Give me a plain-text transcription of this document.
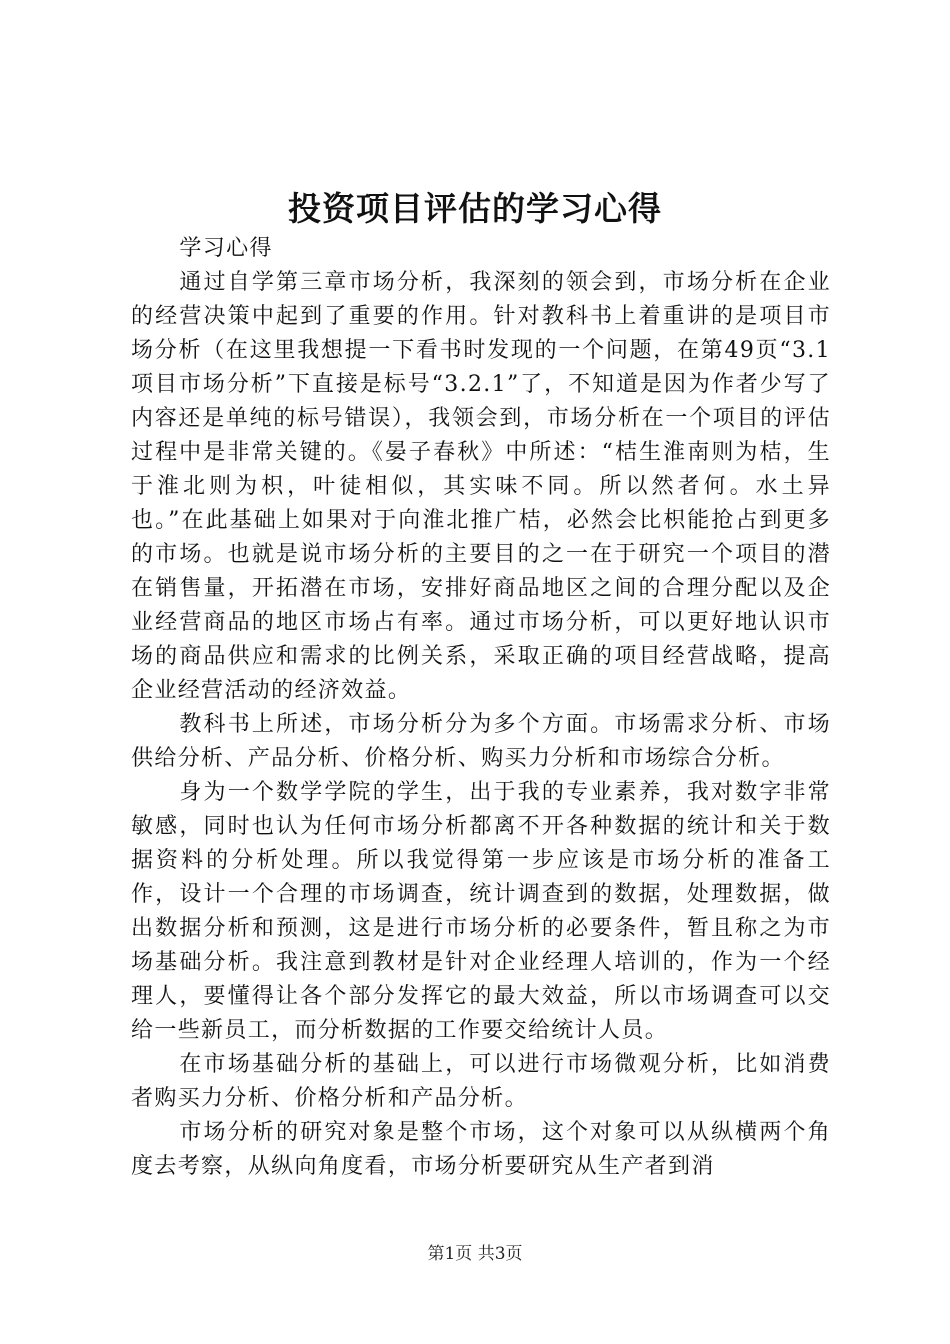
投资项目评估的学习心得

学习心得

通过自学第三章市场分析，我深刻的领会到，市场分析在企业的经营决策中起到了重要的作用。针对教科书上着重讲的是项目市场分析（在这里我想提一下看书时发现的一个问题，在第49页“3.1项目市场分析”下直接是标号“3.2.1”了，不知道是因为作者少写了内容还是单纯的标号错误），我领会到，市场分析在一个项目的评估过程中是非常关键的。《晏子春秋》中所述：“桔生淮南则为桔，生于淮北则为枳，叶徒相似，其实味不同。所以然者何。水土异也。”在此基础上如果对于向淮北推广桔，必然会比枳能抢占到更多的市场。也就是说市场分析的主要目的之一在于研究一个项目的潜在销售量，开拓潜在市场，安排好商品地区之间的合理分配以及企业经营商品的地区市场占有率。通过市场分析，可以更好地认识市场的商品供应和需求的比例关系，采取正确的项目经营战略，提高企业经营活动的经济效益。

教科书上所述，市场分析分为多个方面。市场需求分析、市场供给分析、产品分析、价格分析、购买力分析和市场综合分析。

身为一个数学学院的学生，出于我的专业素养，我对数字非常敏感，同时也认为任何市场分析都离不开各种数据的统计和关于数据资料的分析处理。所以我觉得第一步应该是市场分析的准备工作，设计一个合理的市场调查，统计调查到的数据，处理数据，做出数据分析和预测，这是进行市场分析的必要条件，暂且称之为市场基础分析。我注意到教材是针对企业经理人培训的，作为一个经理人，要懂得让各个部分发挥它的最大效益，所以市场调查可以交给一些新员工，而分析数据的工作要交给统计人员。

在市场基础分析的基础上，可以进行市场微观分析，比如消费者购买力分析、价格分析和产品分析。

市场分析的研究对象是整个市场，这个对象可以从纵横两个角度去考察，从纵向角度看，市场分析要研究从生产者到消

第1页 共3页
